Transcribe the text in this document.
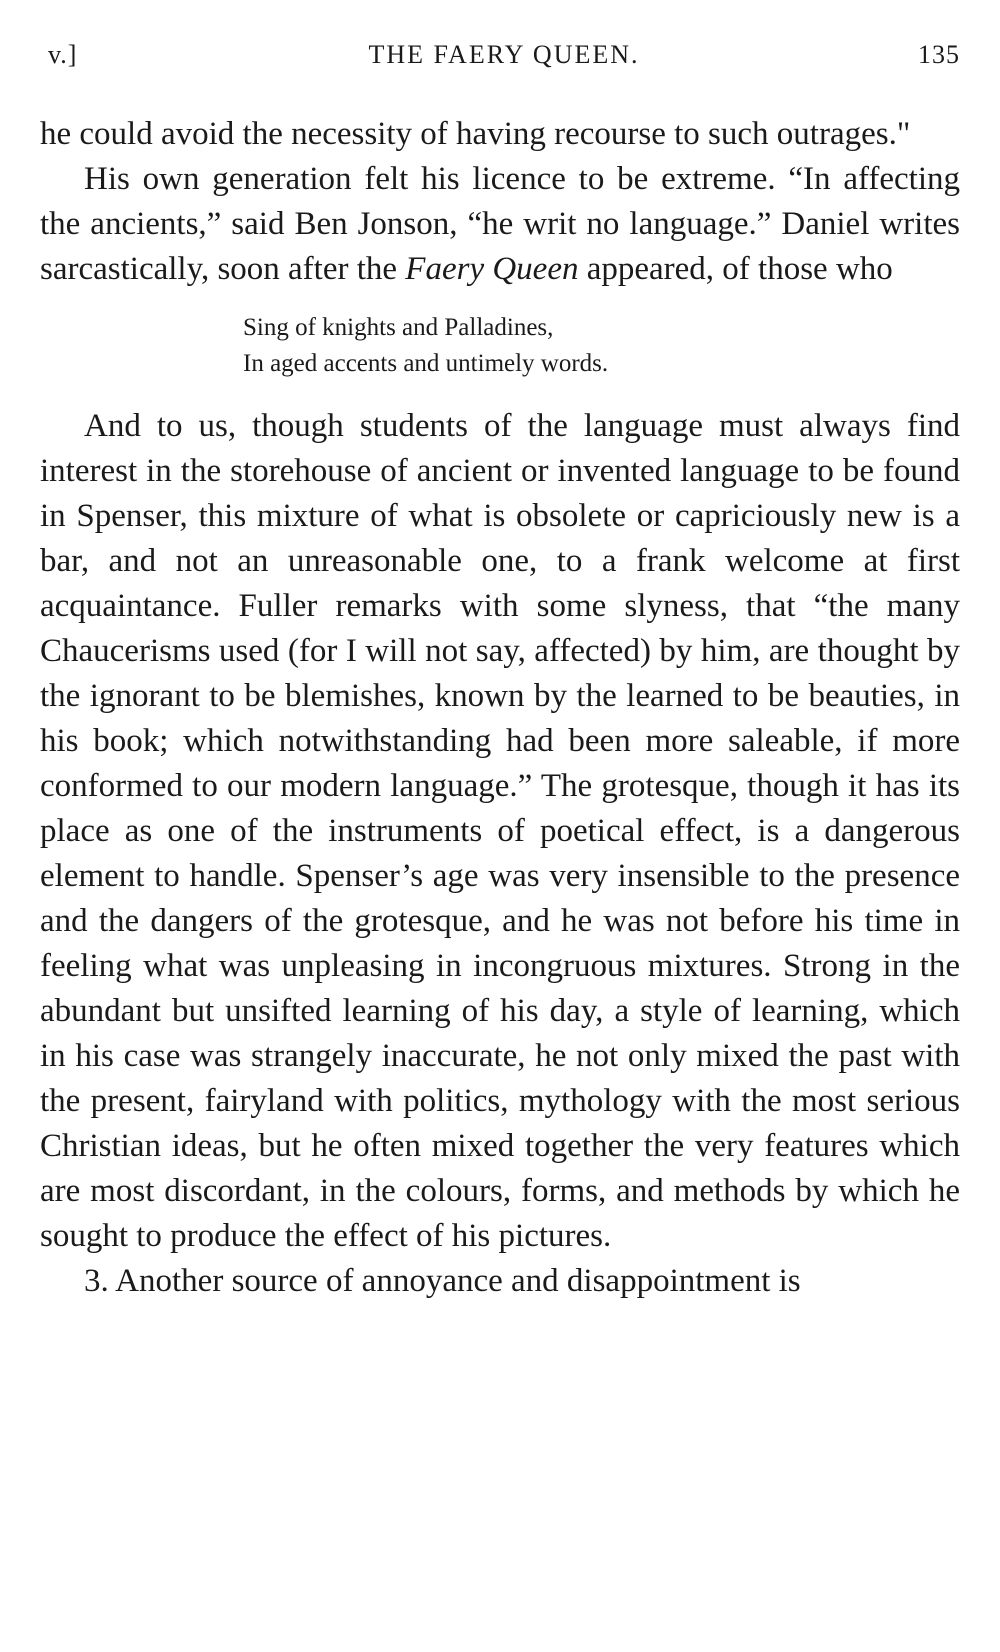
v.]	THE FAERY QUEEN.	135

he could avoid the necessity of having recourse to such outrages."

His own generation felt his licence to be extreme. “In affecting the ancients,” said Ben Jonson, “he writ no language.” Daniel writes sarcastically, soon after the Faery Queen appeared, of those who

Sing of knights and Palladines,
In aged accents and untimely words.

And to us, though students of the language must always find interest in the storehouse of ancient or invented language to be found in Spenser, this mixture of what is obsolete or capriciously new is a bar, and not an unreasonable one, to a frank welcome at first acquaintance. Fuller remarks with some slyness, that “the many Chaucerisms used (for I will not say, affected) by him, are thought by the ignorant to be blemishes, known by the learned to be beauties, in his book; which notwithstanding had been more saleable, if more conformed to our modern language.” The grotesque, though it has its place as one of the instruments of poetical effect, is a dangerous element to handle. Spenser’s age was very insensible to the presence and the dangers of the grotesque, and he was not before his time in feeling what was unpleasing in incongruous mixtures. Strong in the abundant but unsifted learning of his day, a style of learning, which in his case was strangely inaccurate, he not only mixed the past with the present, fairyland with politics, mythology with the most serious Christian ideas, but he often mixed together the very features which are most discordant, in the colours, forms, and methods by which he sought to produce the effect of his pictures.

3. Another source of annoyance and disappointment is
